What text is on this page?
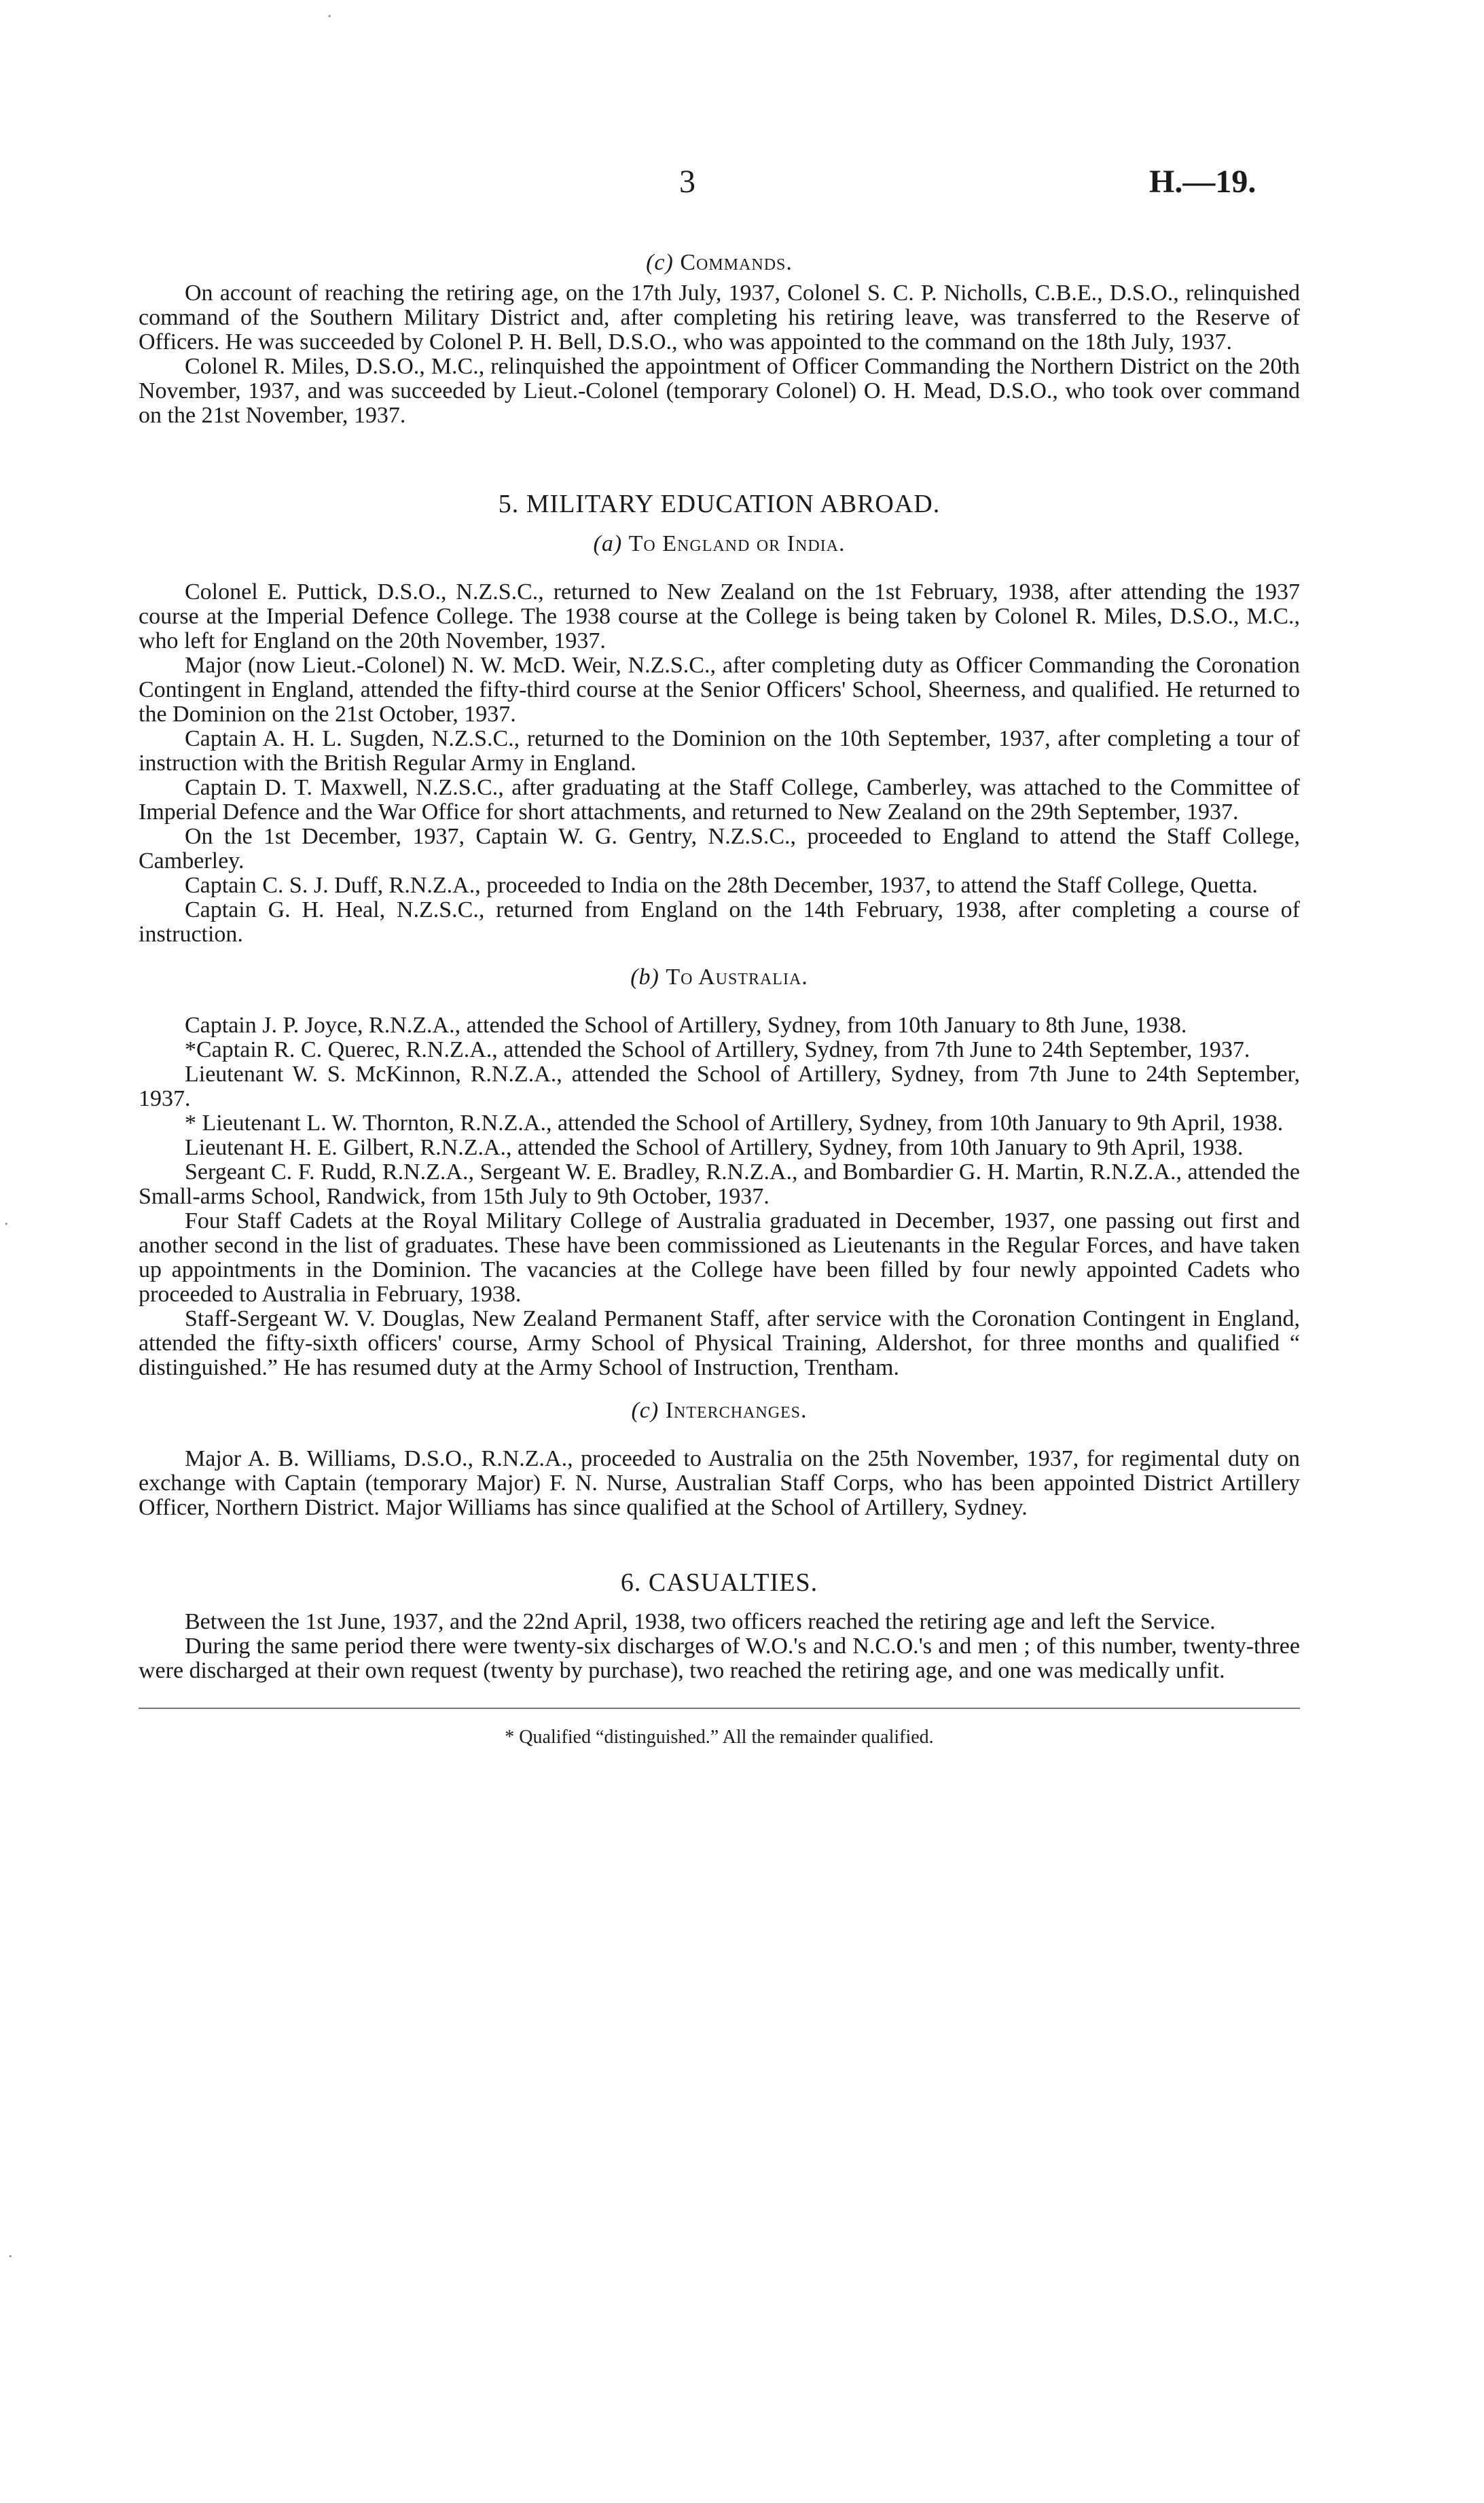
.
.
.
3	H.—19.
(c) Commands.

On account of reaching the retiring age, on the 17th July, 1937, Colonel S. C. P. Nicholls, C.B.E., D.S.O., relinquished command of the Southern Military District and, after completing his retiring leave, was transferred to the Reserve of Officers. He was succeeded by Colonel P. H. Bell, D.S.O., who was appointed to the command on the 18th July, 1937.

Colonel R. Miles, D.S.O., M.C., relinquished the appointment of Officer Commanding the Northern District on the 20th November, 1937, and was succeeded by Lieut.-Colonel (temporary Colonel) O. H. Mead, D.S.O., who took over command on the 21st November, 1937.

5. MILITARY EDUCATION ABROAD.
(a) To England or India.

Colonel E. Puttick, D.S.O., N.Z.S.C., returned to New Zealand on the 1st February, 1938, after attending the 1937 course at the Imperial Defence College. The 1938 course at the College is being taken by Colonel R. Miles, D.S.O., M.C., who left for England on the 20th November, 1937.

Major (now Lieut.-Colonel) N. W. McD. Weir, N.Z.S.C., after completing duty as Officer Commanding the Coronation Contingent in England, attended the fifty-third course at the Senior Officers' School, Sheerness, and qualified. He returned to the Dominion on the 21st October, 1937.

Captain A. H. L. Sugden, N.Z.S.C., returned to the Dominion on the 10th September, 1937, after completing a tour of instruction with the British Regular Army in England.

Captain D. T. Maxwell, N.Z.S.C., after graduating at the Staff College, Camberley, was attached to the Committee of Imperial Defence and the War Office for short attachments, and returned to New Zealand on the 29th September, 1937.

On the 1st December, 1937, Captain W. G. Gentry, N.Z.S.C., proceeded to England to attend the Staff College, Camberley.

Captain C. S. J. Duff, R.N.Z.A., proceeded to India on the 28th December, 1937, to attend the Staff College, Quetta.

Captain G. H. Heal, N.Z.S.C., returned from England on the 14th February, 1938, after completing a course of instruction.

(b) To Australia.

Captain J. P. Joyce, R.N.Z.A., attended the School of Artillery, Sydney, from 10th January to 8th June, 1938.

*Captain R. C. Querec, R.N.Z.A., attended the School of Artillery, Sydney, from 7th June to 24th September, 1937.

Lieutenant W. S. McKinnon, R.N.Z.A., attended the School of Artillery, Sydney, from 7th June to 24th September, 1937.

* Lieutenant L. W. Thornton, R.N.Z.A., attended the School of Artillery, Sydney, from 10th January to 9th April, 1938.

Lieutenant H. E. Gilbert, R.N.Z.A., attended the School of Artillery, Sydney, from 10th January to 9th April, 1938.

Sergeant C. F. Rudd, R.N.Z.A., Sergeant W. E. Bradley, R.N.Z.A., and Bombardier G. H. Martin, R.N.Z.A., attended the Small-arms School, Randwick, from 15th July to 9th October, 1937.

Four Staff Cadets at the Royal Military College of Australia graduated in December, 1937, one passing out first and another second in the list of graduates. These have been commissioned as Lieutenants in the Regular Forces, and have taken up appointments in the Dominion. The vacancies at the College have been filled by four newly appointed Cadets who proceeded to Australia in February, 1938.

Staff-Sergeant W. V. Douglas, New Zealand Permanent Staff, after service with the Coronation Contingent in England, attended the fifty-sixth officers' course, Army School of Physical Training, Aldershot, for three months and qualified “ distinguished.” He has resumed duty at the Army School of Instruction, Trentham.

(c) Interchanges.

Major A. B. Williams, D.S.O., R.N.Z.A., proceeded to Australia on the 25th November, 1937, for regimental duty on exchange with Captain (temporary Major) F. N. Nurse, Australian Staff Corps, who has been appointed District Artillery Officer, Northern District. Major Williams has since qualified at the School of Artillery, Sydney.

6. CASUALTIES.

Between the 1st June, 1937, and the 22nd April, 1938, two officers reached the retiring age and left the Service.

During the same period there were twenty-six discharges of W.O.'s and N.C.O.'s and men ; of this number, twenty-three were discharged at their own request (twenty by purchase), two reached the retiring age, and one was medically unfit.

* Qualified “distinguished.” All the remainder qualified.
